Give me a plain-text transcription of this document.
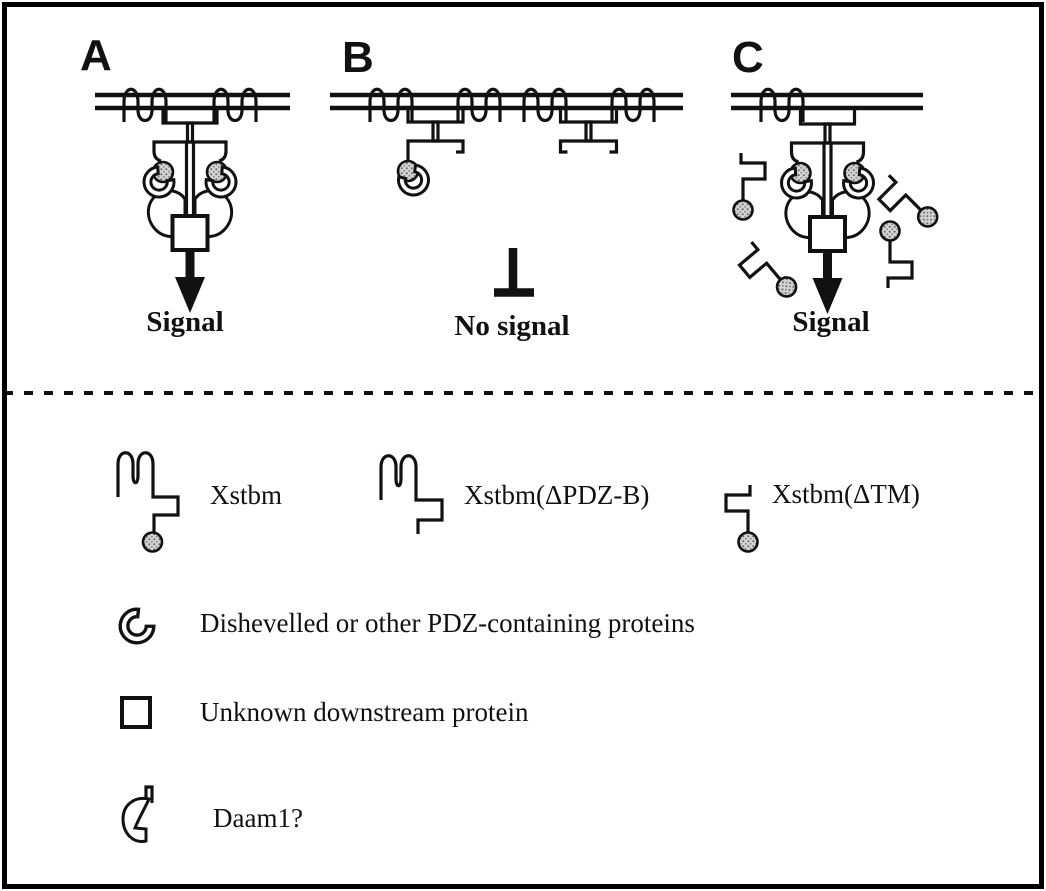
A	B	C
Signal	No signal	Signal
Xstbm	Xstbm(ΔPDZ-B)	Xstbm(ΔTM)
Dishevelled or other PDZ-containing proteins
Unknown downstream protein
Daam1?
